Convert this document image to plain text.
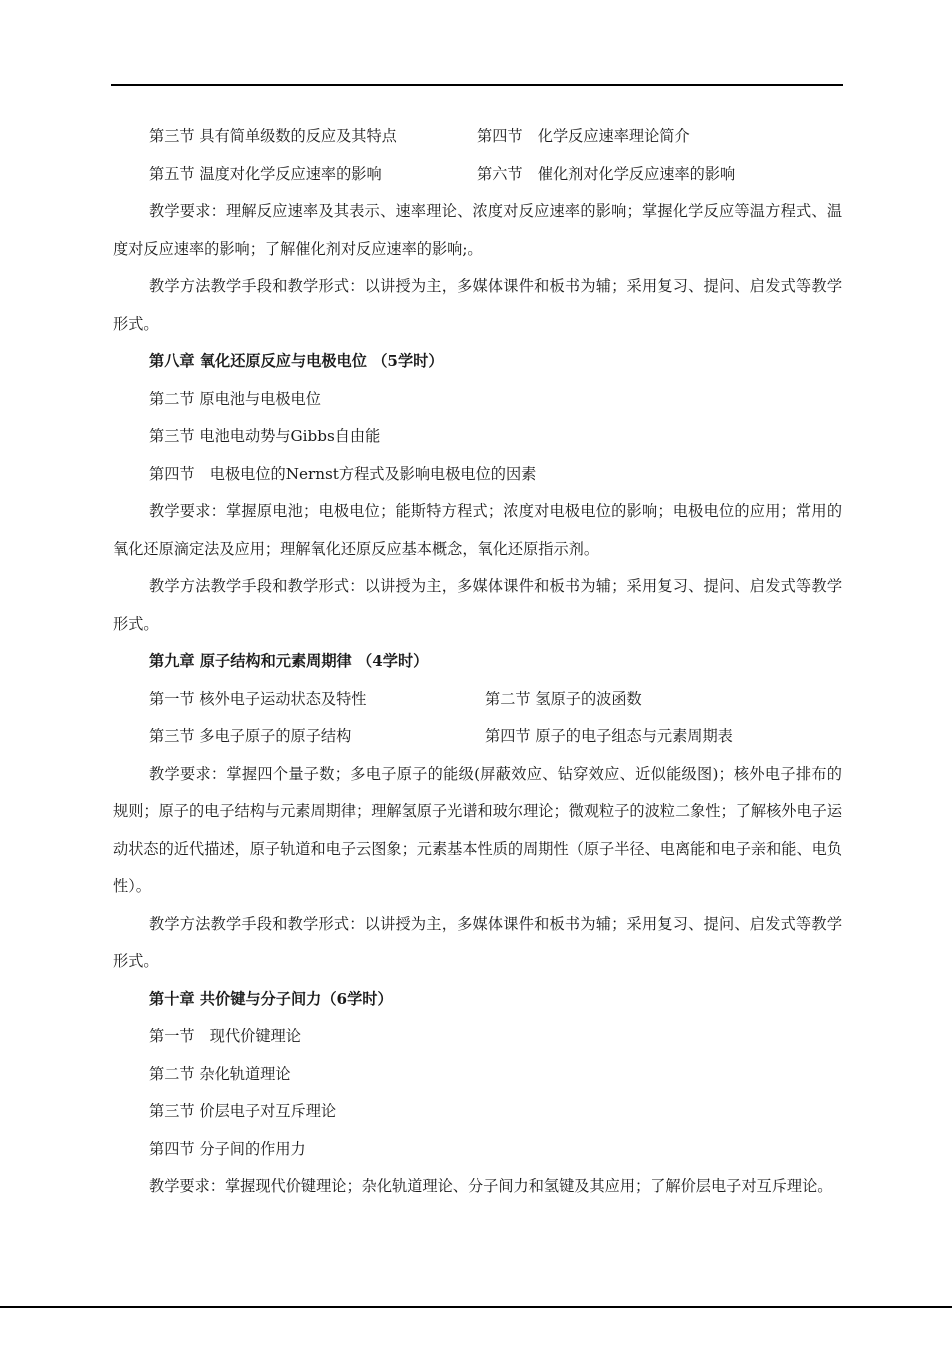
第三节 具有简单级数的反应及其特点	第四节　化学反应速率理论简介
第五节 温度对化学反应速率的影响	第六节　催化剂对化学反应速率的影响

教学要求：理解反应速率及其表示、速率理论、浓度对反应速率的影响；掌握化学反应等温方程式、温度对反应速率的影响；了解催化剂对反应速率的影响;。

教学方法教学手段和教学形式：以讲授为主，多媒体课件和板书为辅；采用复习、提问、启发式等教学形式。

第八章 氧化还原反应与电极电位 （5学时）
第二节 原电池与电极电位
第三节 电池电动势与Gibbs自由能
第四节　电极电位的Nernst方程式及影响电极电位的因素

教学要求：掌握原电池；电极电位；能斯特方程式；浓度对电极电位的影响；电极电位的应用；常用的氧化还原滴定法及应用；理解氧化还原反应基本概念，氧化还原指示剂。

教学方法教学手段和教学形式：以讲授为主，多媒体课件和板书为辅；采用复习、提问、启发式等教学形式。

第九章 原子结构和元素周期律 （4学时）
第一节 核外电子运动状态及特性	第二节 氢原子的波函数
第三节 多电子原子的原子结构	第四节 原子的电子组态与元素周期表

教学要求：掌握四个量子数；多电子原子的能级(屏蔽效应、钻穿效应、近似能级图)；核外电子排布的规则；原子的电子结构与元素周期律；理解氢原子光谱和玻尔理论；微观粒子的波粒二象性；了解核外电子运动状态的近代描述，原子轨道和电子云图象；元素基本性质的周期性（原子半径、电离能和电子亲和能、电负性）。

教学方法教学手段和教学形式：以讲授为主，多媒体课件和板书为辅；采用复习、提问、启发式等教学形式。

第十章 共价键与分子间力（6学时）
第一节　现代价键理论
第二节 杂化轨道理论
第三节 价层电子对互斥理论
第四节 分子间的作用力

教学要求：掌握现代价键理论；杂化轨道理论、分子间力和氢键及其应用；了解价层电子对互斥理论。
